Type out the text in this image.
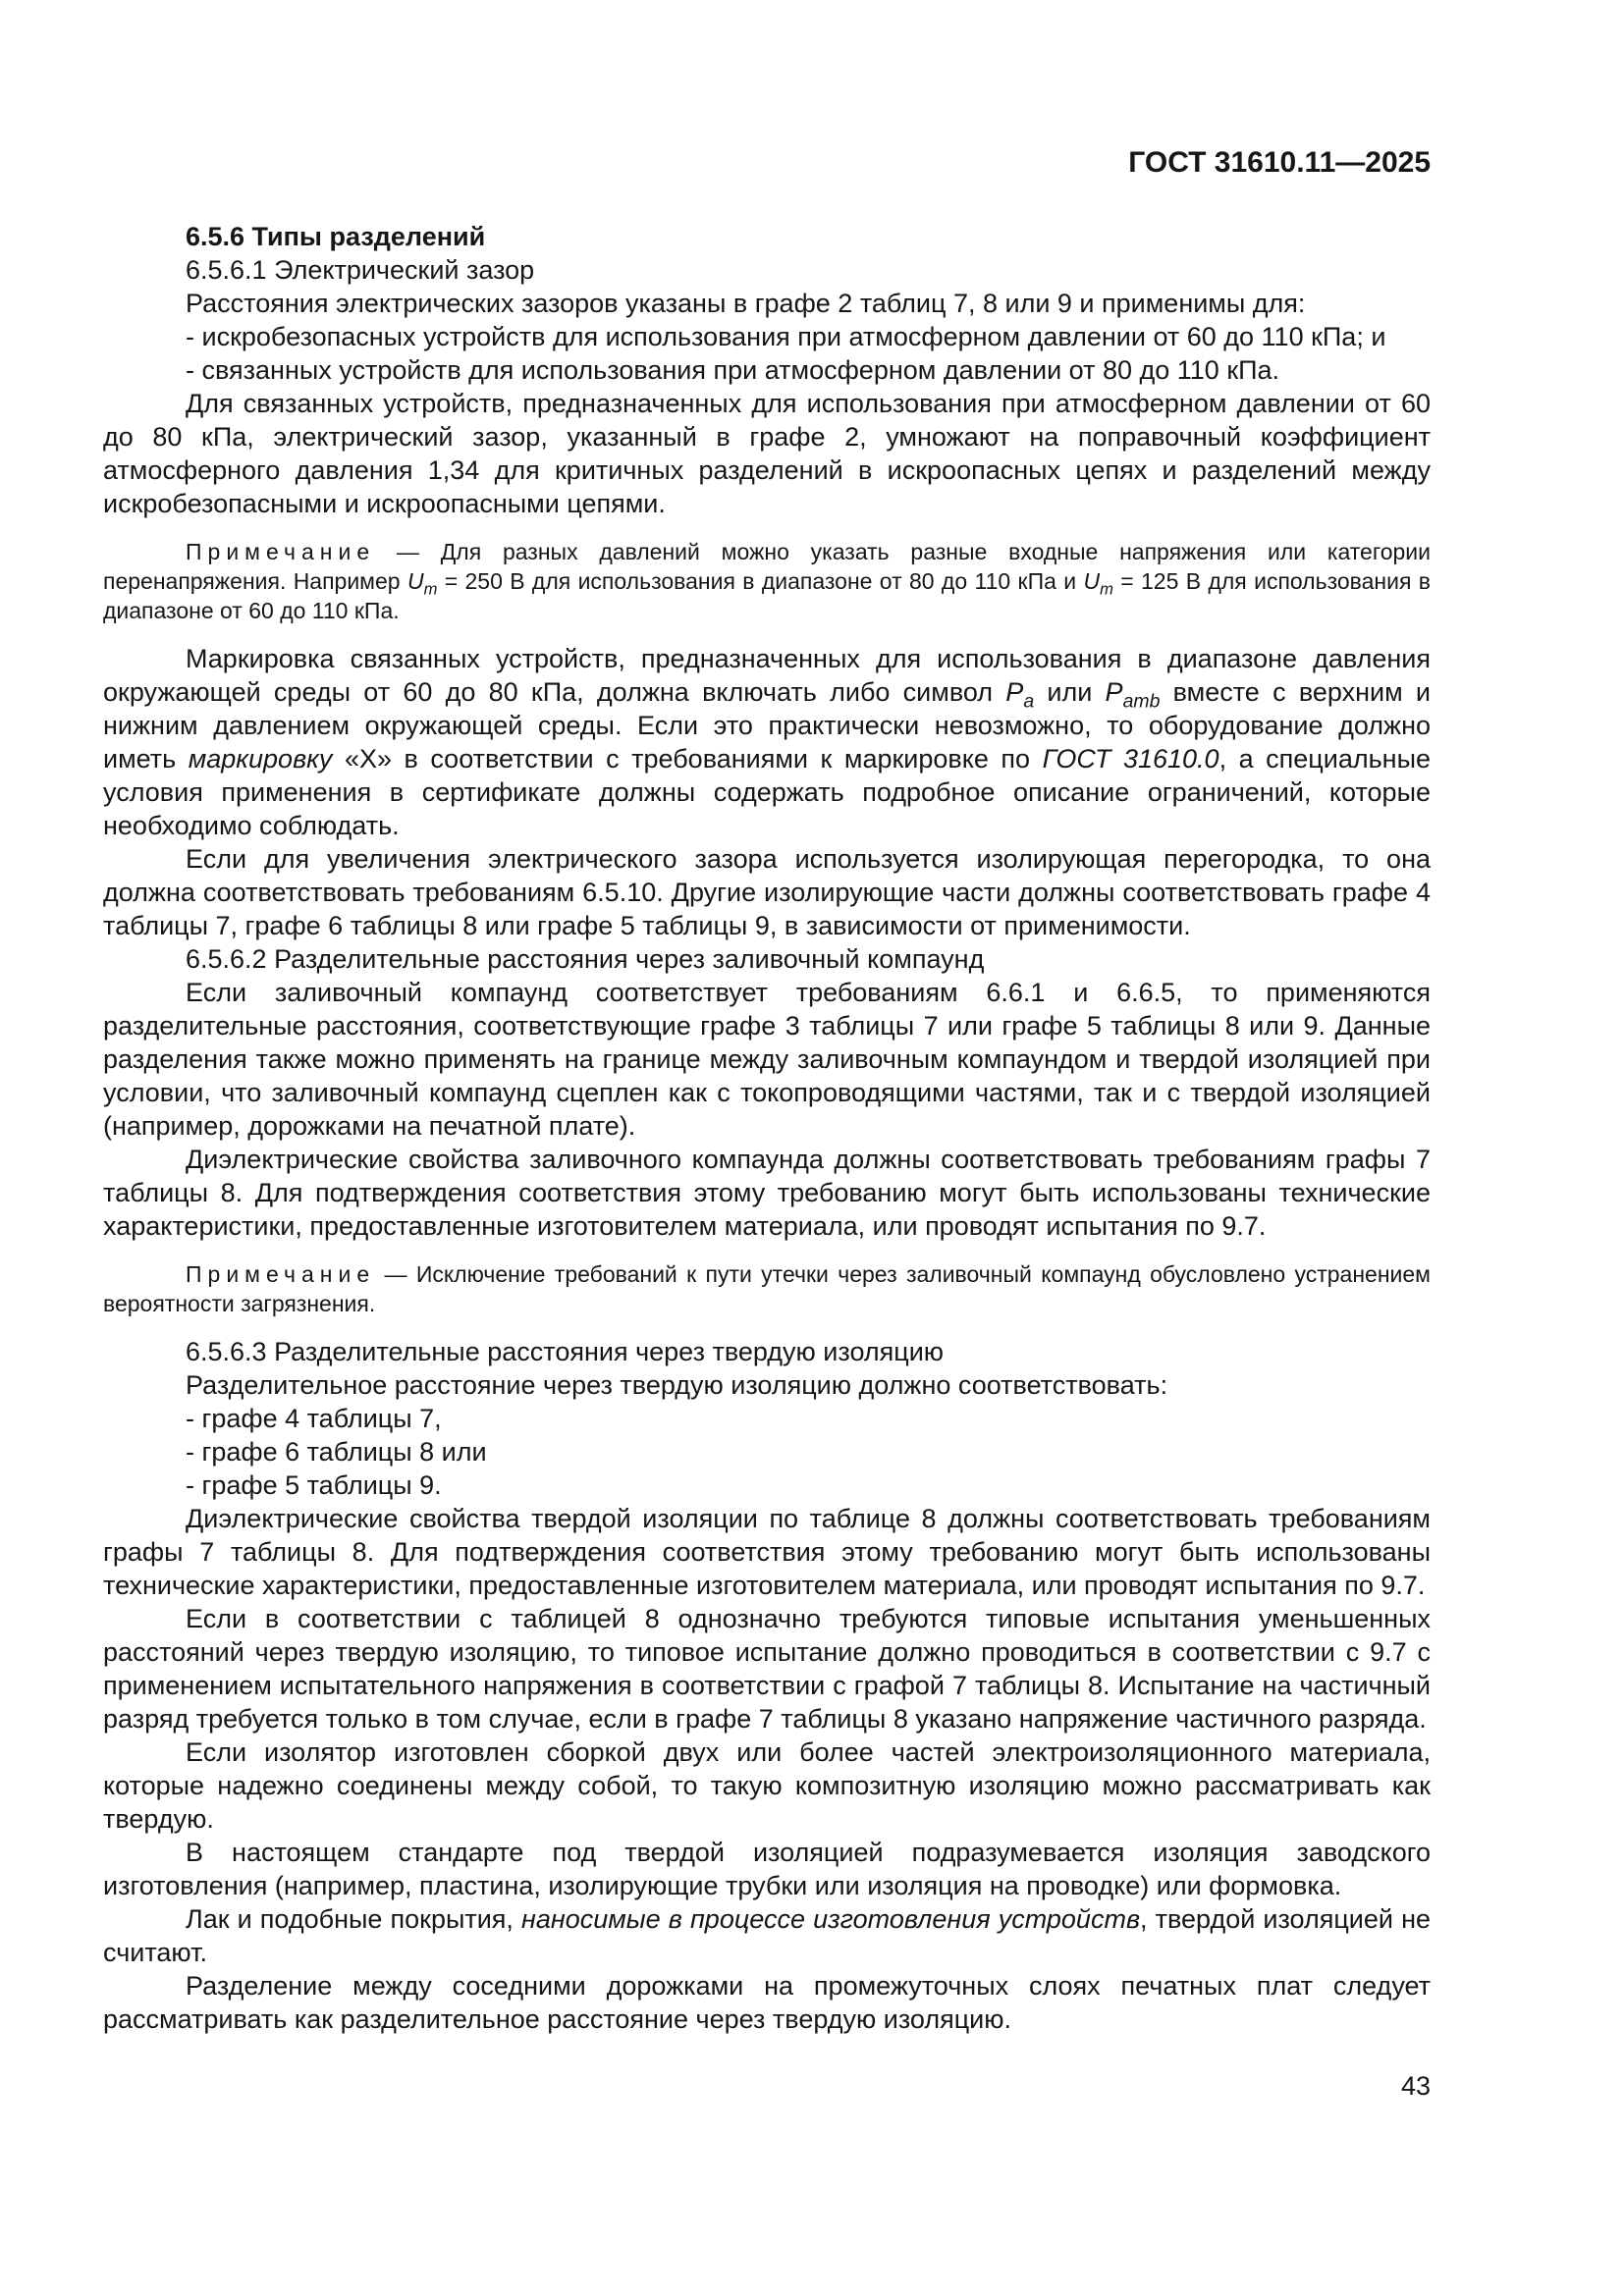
ГОСТ 31610.11—2025

6.5.6 Типы разделений

6.5.6.1 Электрический зазор

Расстояния электрических зазоров указаны в графе 2 таблиц 7, 8 или 9 и применимы для:

- искробезопасных устройств для использования при атмосферном давлении от 60 до 110 кПа; и

- связанных устройств для использования при атмосферном давлении от 80 до 110 кПа.

Для связанных устройств, предназначенных для использования при атмосферном давлении от 60 до 80 кПа, электрический зазор, указанный в графе 2, умножают на поправочный коэффициент атмосферного давления 1,34 для критичных разделений в искроопасных цепях и разделений между искробезопасными и искроопасными цепями.

Примечание — Для разных давлений можно указать разные входные напряжения или категории перенапряжения. Например $U_m = 250$ В для использования в диапазоне от 80 до 110 кПа и $U_m = 125$ В для использования в диапазоне от 60 до 110 кПа.

Маркировка связанных устройств, предназначенных для использования в диапазоне давления окружающей среды от 60 до 80 кПа, должна включать либо символ $P_a$ или $P_{amb}$ вместе с верхним и нижним давлением окружающей среды. Если это практически невозможно, то оборудование должно иметь маркировку «Х» в соответствии с требованиями к маркировке по ГОСТ 31610.0, а специальные условия применения в сертификате должны содержать подробное описание ограничений, которые необходимо соблюдать.

Если для увеличения электрического зазора используется изолирующая перегородка, то она должна соответствовать требованиям 6.5.10. Другие изолирующие части должны соответствовать графе 4 таблицы 7, графе 6 таблицы 8 или графе 5 таблицы 9, в зависимости от применимости.

6.5.6.2 Разделительные расстояния через заливочный компаунд

Если заливочный компаунд соответствует требованиям 6.6.1 и 6.6.5, то применяются разделительные расстояния, соответствующие графе 3 таблицы 7 или графе 5 таблицы 8 или 9. Данные разделения также можно применять на границе между заливочным компаундом и твердой изоляцией при условии, что заливочный компаунд сцеплен как с токопроводящими частями, так и с твердой изоляцией (например, дорожками на печатной плате).

Диэлектрические свойства заливочного компаунда должны соответствовать требованиям графы 7 таблицы 8. Для подтверждения соответствия этому требованию могут быть использованы технические характеристики, предоставленные изготовителем материала, или проводят испытания по 9.7.

Примечание — Исключение требований к пути утечки через заливочный компаунд обусловлено устранением вероятности загрязнения.

6.5.6.3 Разделительные расстояния через твердую изоляцию

Разделительное расстояние через твердую изоляцию должно соответствовать:

- графе 4 таблицы 7,

- графе 6 таблицы 8 или

- графе 5 таблицы 9.

Диэлектрические свойства твердой изоляции по таблице 8 должны соответствовать требованиям графы 7 таблицы 8. Для подтверждения соответствия этому требованию могут быть использованы технические характеристики, предоставленные изготовителем материала, или проводят испытания по 9.7.

Если в соответствии с таблицей 8 однозначно требуются типовые испытания уменьшенных расстояний через твердую изоляцию, то типовое испытание должно проводиться в соответствии с 9.7 с применением испытательного напряжения в соответствии с графой 7 таблицы 8. Испытание на частичный разряд требуется только в том случае, если в графе 7 таблицы 8 указано напряжение частичного разряда.

Если изолятор изготовлен сборкой двух или более частей электроизоляционного материала, которые надежно соединены между собой, то такую композитную изоляцию можно рассматривать как твердую.

В настоящем стандарте под твердой изоляцией подразумевается изоляция заводского изготовления (например, пластина, изолирующие трубки или изоляция на проводке) или формовка.

Лак и подобные покрытия, наносимые в процессе изготовления устройств, твердой изоляцией не считают.

Разделение между соседними дорожками на промежуточных слоях печатных плат следует рассматривать как разделительное расстояние через твердую изоляцию.

43
